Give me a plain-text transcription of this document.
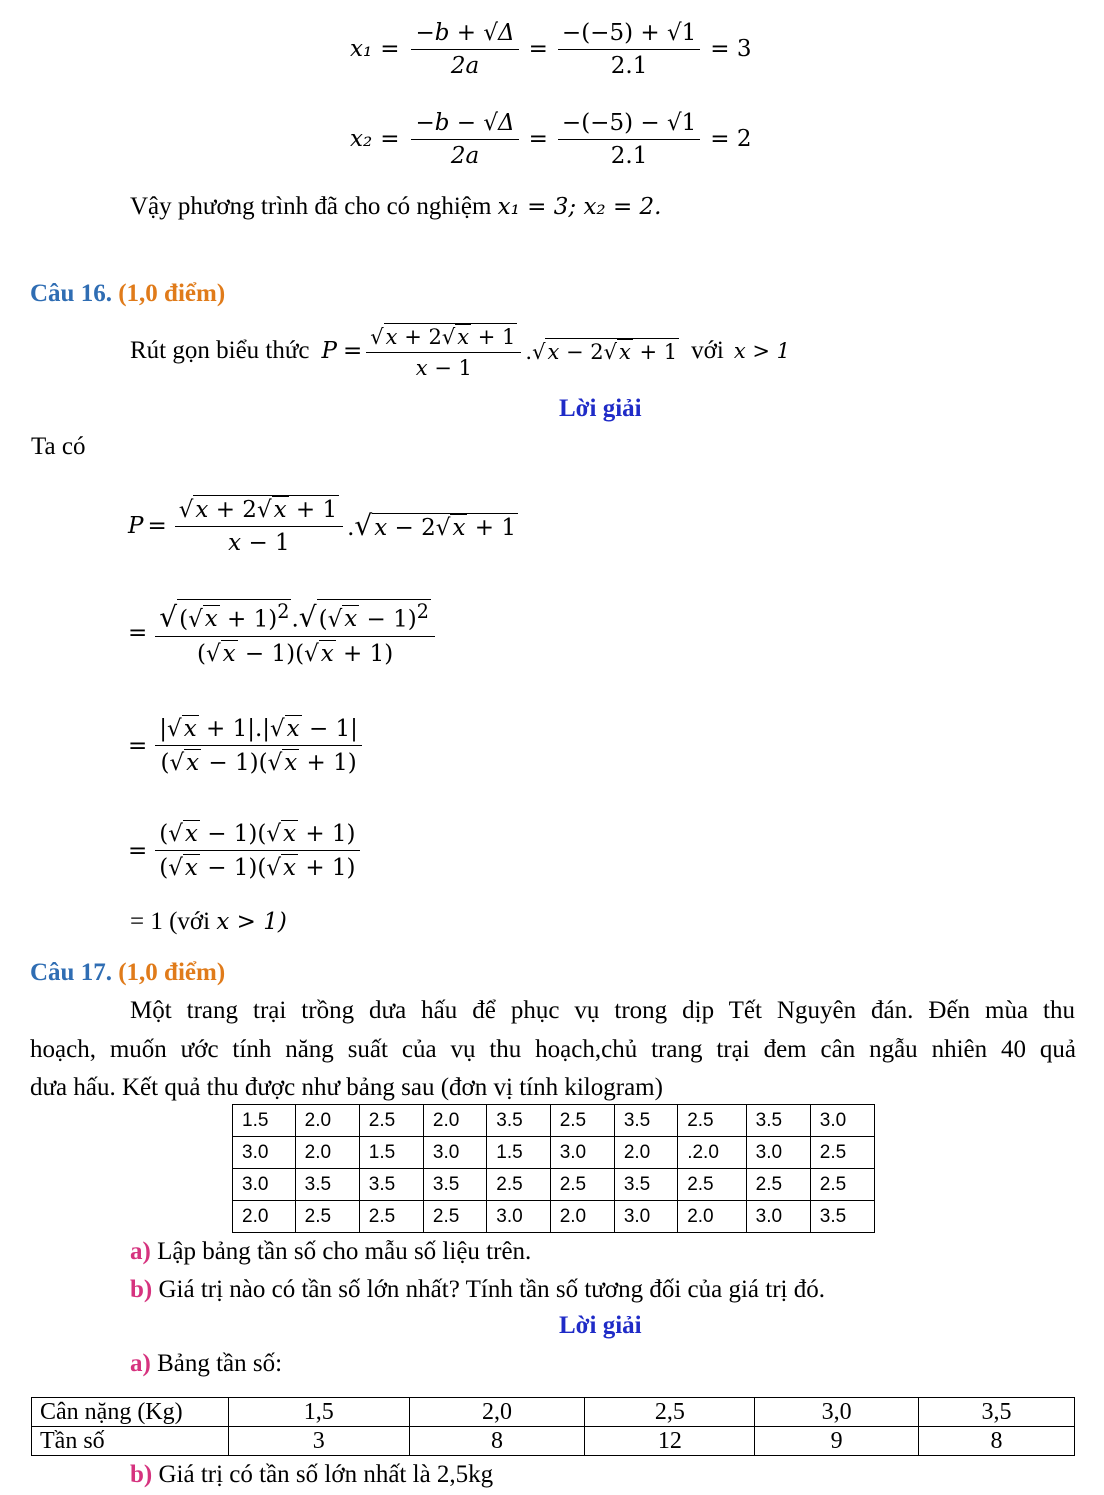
$x_1 = \frac{-b + √\Delta}{2a} = \frac{-(-5) + √1}{2.1} = 3$
$x_2 = \frac{-b - √\Delta}{2a} = \frac{-(-5) - √1}{2.1} = 2$
Vậy phương trình đã cho có nghiệm x₁ = 3; x₂ = 2.
Câu 16. (1,0 điểm)
Rút gọn biểu thức $P = \frac{√x + 2√x + 1}{x - 1} .√x - 2√x + 1$ với x > 1
Lời giải
Ta có
$P = \frac{√x + 2√x + 1}{x - 1} .√x - 2√x + 1$
= $\frac{√(√x + 1)^2.√(√x - 1)^2}{(√x - 1)(√x + 1)}$
= $\frac{|√x + 1|.|√x - 1|}{(√x - 1)(√x + 1)}$
= $\frac{(√x - 1)(√x + 1)}{(√x - 1)(√x + 1)}$
= 1 (với x > 1)
Câu 17. (1,0 điểm)
Một trang trại trồng dưa hấu để phục vụ trong dịp Tết Nguyên đán. Đến mùa thu
hoạch, muốn ước tính năng suất của vụ thu hoạch,chủ trang trại đem cân ngẫu nhiên 40 quả
dưa hấu. Kết quả thu được như bảng sau (đơn vị tính kilogram)
1.5	2.0	2.5	2.0	3.5	2.5	3.5	2.5	3.5	3.0
3.0	2.0	1.5	3.0	1.5	3.0	2.0	.2.0	3.0	2.5
3.0	3.5	3.5	3.5	2.5	2.5	3.5	2.5	2.5	2.5
2.0	2.5	2.5	2.5	3.0	2.0	3.0	2.0	3.0	3.5
a) Lập bảng tần số cho mẫu số liệu trên.
b) Giá trị nào có tần số lớn nhất? Tính tần số tương đối của giá trị đó.
Lời giải
a) Bảng tần số:
Cân nặng (Kg)	1,5	2,0	2,5	3,0	3,5
Tần số	3	8	12	9	8
b) Giá trị có tần số lớn nhất là 2,5kg
